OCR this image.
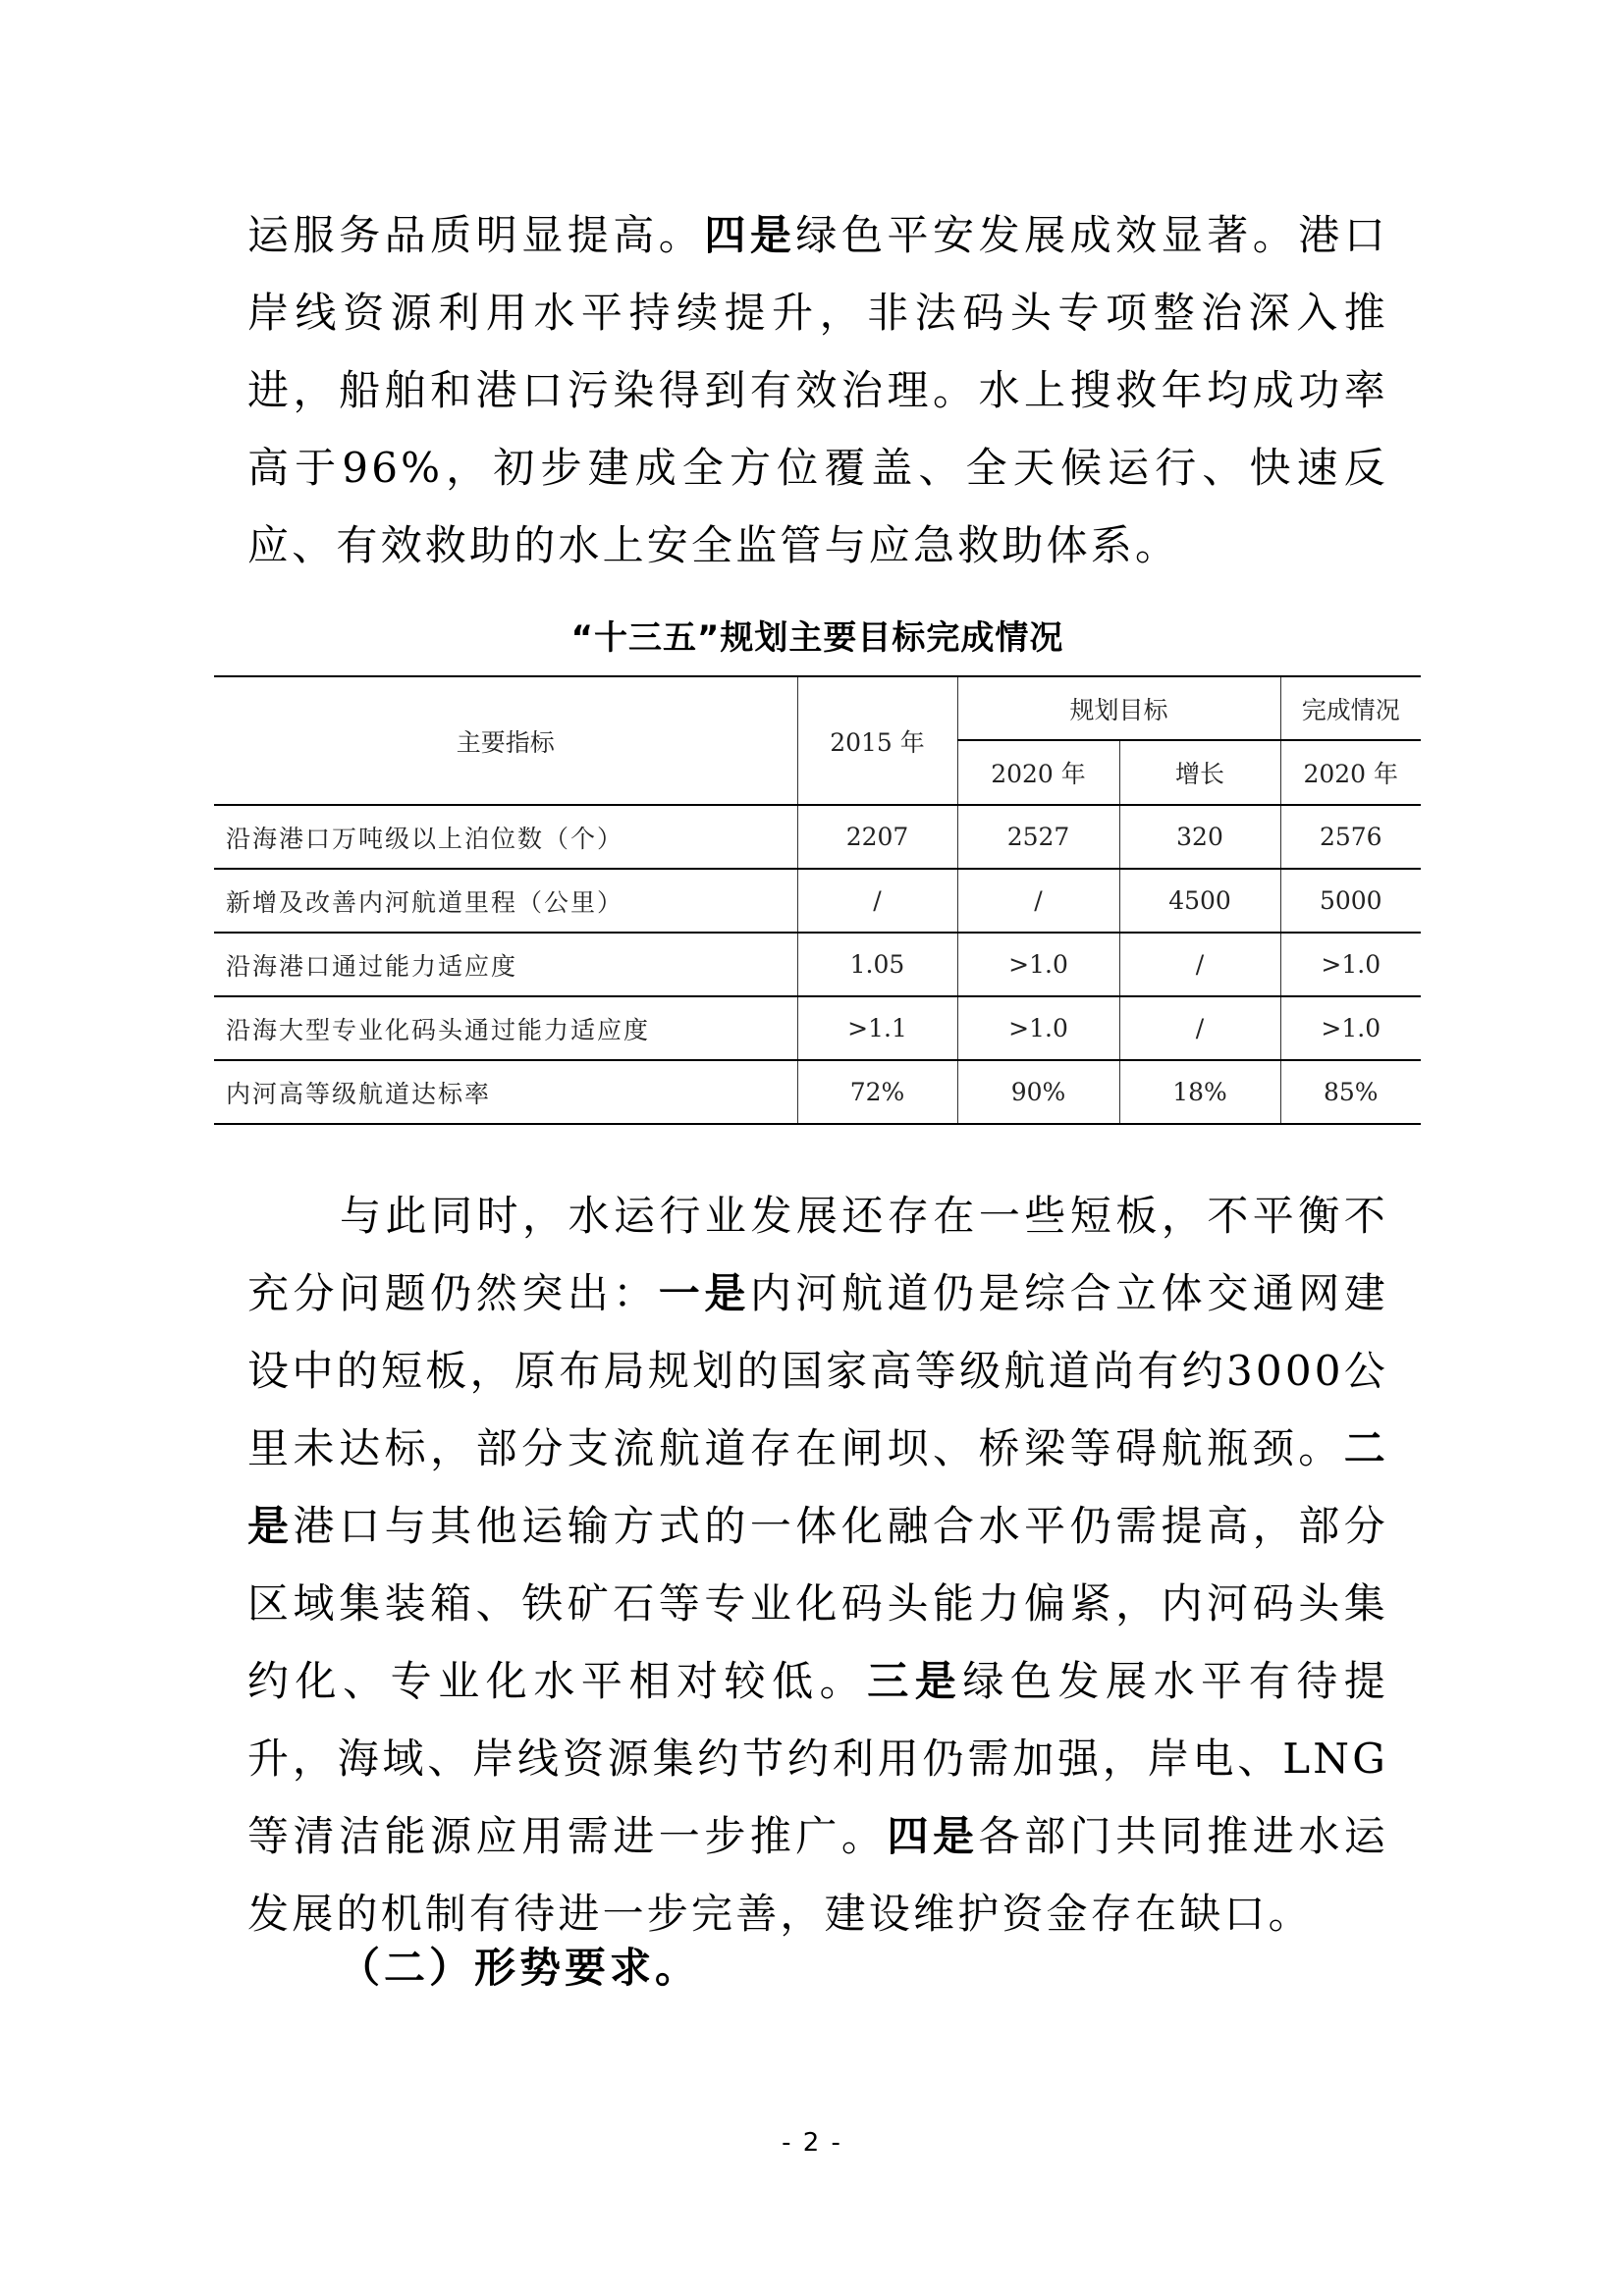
运服务品质明显提高。四是绿色平安发展成效显著。港口岸线资源利用水平持续提升，非法码头专项整治深入推进，船舶和港口污染得到有效治理。水上搜救年均成功率高于96%，初步建成全方位覆盖、全天候运行、快速反应、有效救助的水上安全监管与应急救助体系。
“十三五”规划主要目标完成情况
主要指标	2015 年	规划目标		完成情况
		2020 年	增长	2020 年
沿海港口万吨级以上泊位数（个）	2207	2527	320	2576
新增及改善内河航道里程（公里）	/	/	4500	5000
沿海港口通过能力适应度	1.05	>1.0	/	>1.0
沿海大型专业化码头通过能力适应度	>1.1	>1.0	/	>1.0
内河高等级航道达标率	72%	90%	18%	85%
与此同时，水运行业发展还存在一些短板，不平衡不充分问题仍然突出：一是内河航道仍是综合立体交通网建设中的短板，原布局规划的国家高等级航道尚有约3000公里未达标，部分支流航道存在闸坝、桥梁等碍航瓶颈。二是港口与其他运输方式的一体化融合水平仍需提高，部分区域集装箱、铁矿石等专业化码头能力偏紧，内河码头集约化、专业化水平相对较低。三是绿色发展水平有待提升，海域、岸线资源集约节约利用仍需加强，岸电、LNG等清洁能源应用需进一步推广。四是各部门共同推进水运发展的机制有待进一步完善，建设维护资金存在缺口。
（二）形势要求。
- 2 -
